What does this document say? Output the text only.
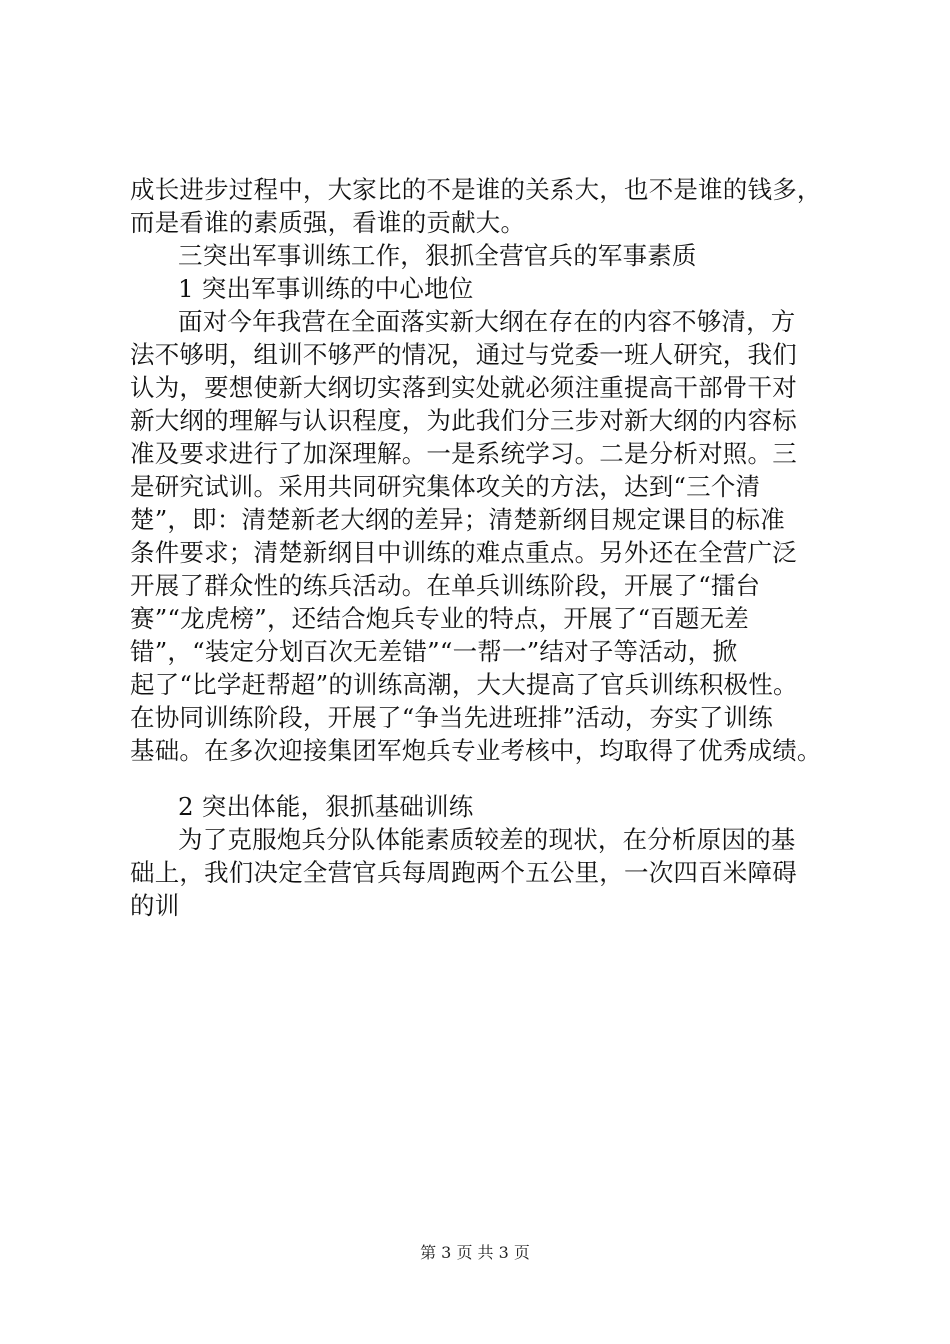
成长进步过程中，大家比的不是谁的关系大，也不是谁的钱多，
而是看谁的素质强，看谁的贡献大。
三突出军事训练工作，狠抓全营官兵的军事素质
1 突出军事训练的中心地位
面对今年我营在全面落实新大纲在存在的内容不够清，方
法不够明，组训不够严的情况，通过与党委一班人研究，我们
认为，要想使新大纲切实落到实处就必须注重提高干部骨干对
新大纲的理解与认识程度，为此我们分三步对新大纲的内容标
准及要求进行了加深理解。一是系统学习。二是分析对照。三
是研究试训。采用共同研究集体攻关的方法，达到“三个清
楚”，即：清楚新老大纲的差异；清楚新纲目规定课目的标准
条件要求；清楚新纲目中训练的难点重点。另外还在全营广泛
开展了群众性的练兵活动。在单兵训练阶段，开展了“擂台
赛”“龙虎榜”，还结合炮兵专业的特点，开展了“百题无差
错”，“装定分划百次无差错”“一帮一”结对子等活动，掀
起了“比学赶帮超”的训练高潮，大大提高了官兵训练积极性。
在协同训练阶段，开展了“争当先进班排”活动，夯实了训练
基础。在多次迎接集团军炮兵专业考核中，均取得了优秀成绩。
2 突出体能，狠抓基础训练
为了克服炮兵分队体能素质较差的现状，在分析原因的基
础上，我们决定全营官兵每周跑两个五公里，一次四百米障碍
的训
第 3 页 共 3 页
